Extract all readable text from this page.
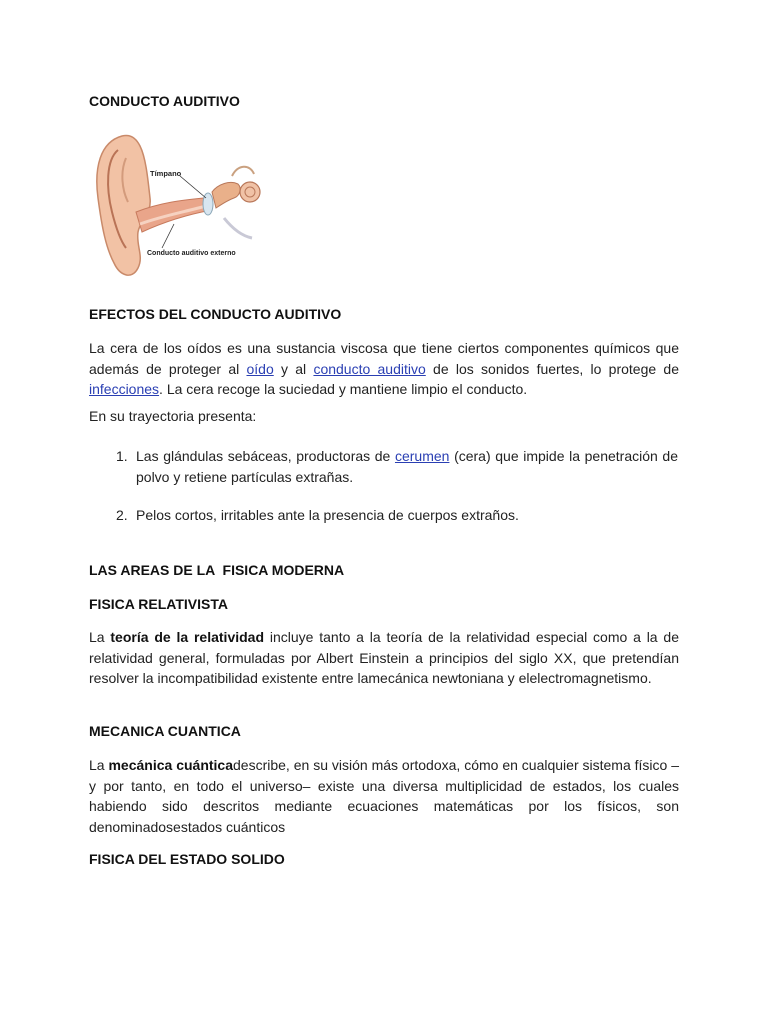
CONDUCTO AUDITIVO
Tímpano
Conducto auditivo externo
EFECTOS DEL CONDUCTO AUDITIVO

La cera de los oídos es una sustancia viscosa que tiene ciertos componentes químicos que además de proteger al oído y al conducto auditivo de los sonidos fuertes, lo protege de infecciones. La cera recoge la suciedad y mantiene limpio el conducto.

En su trayectoria presenta:

1. Las glándulas sebáceas, productoras de cerumen (cera) que impide la penetración de polvo y retiene partículas extrañas.
2. Pelos cortos, irritables ante la presencia de cuerpos extraños.
LAS AREAS DE LA  FISICA MODERNA
FISICA RELATIVISTA

La teoría de la relatividad incluye tanto a la teoría de la relatividad especial como a la de relatividad general, formuladas por Albert Einstein a principios del siglo XX, que pretendían resolver la incompatibilidad existente entre lamecánica newtoniana y elelectromagnetismo.

MECANICA CUANTICA

La mecánica cuánticadescribe, en su visión más ortodoxa, cómo en cualquier sistema físico –y por tanto, en todo el universo– existe una diversa multiplicidad de estados, los cuales habiendo sido descritos mediante ecuaciones matemáticas por los físicos, son denominadosestados cuánticos

FISICA DEL ESTADO SOLIDO
